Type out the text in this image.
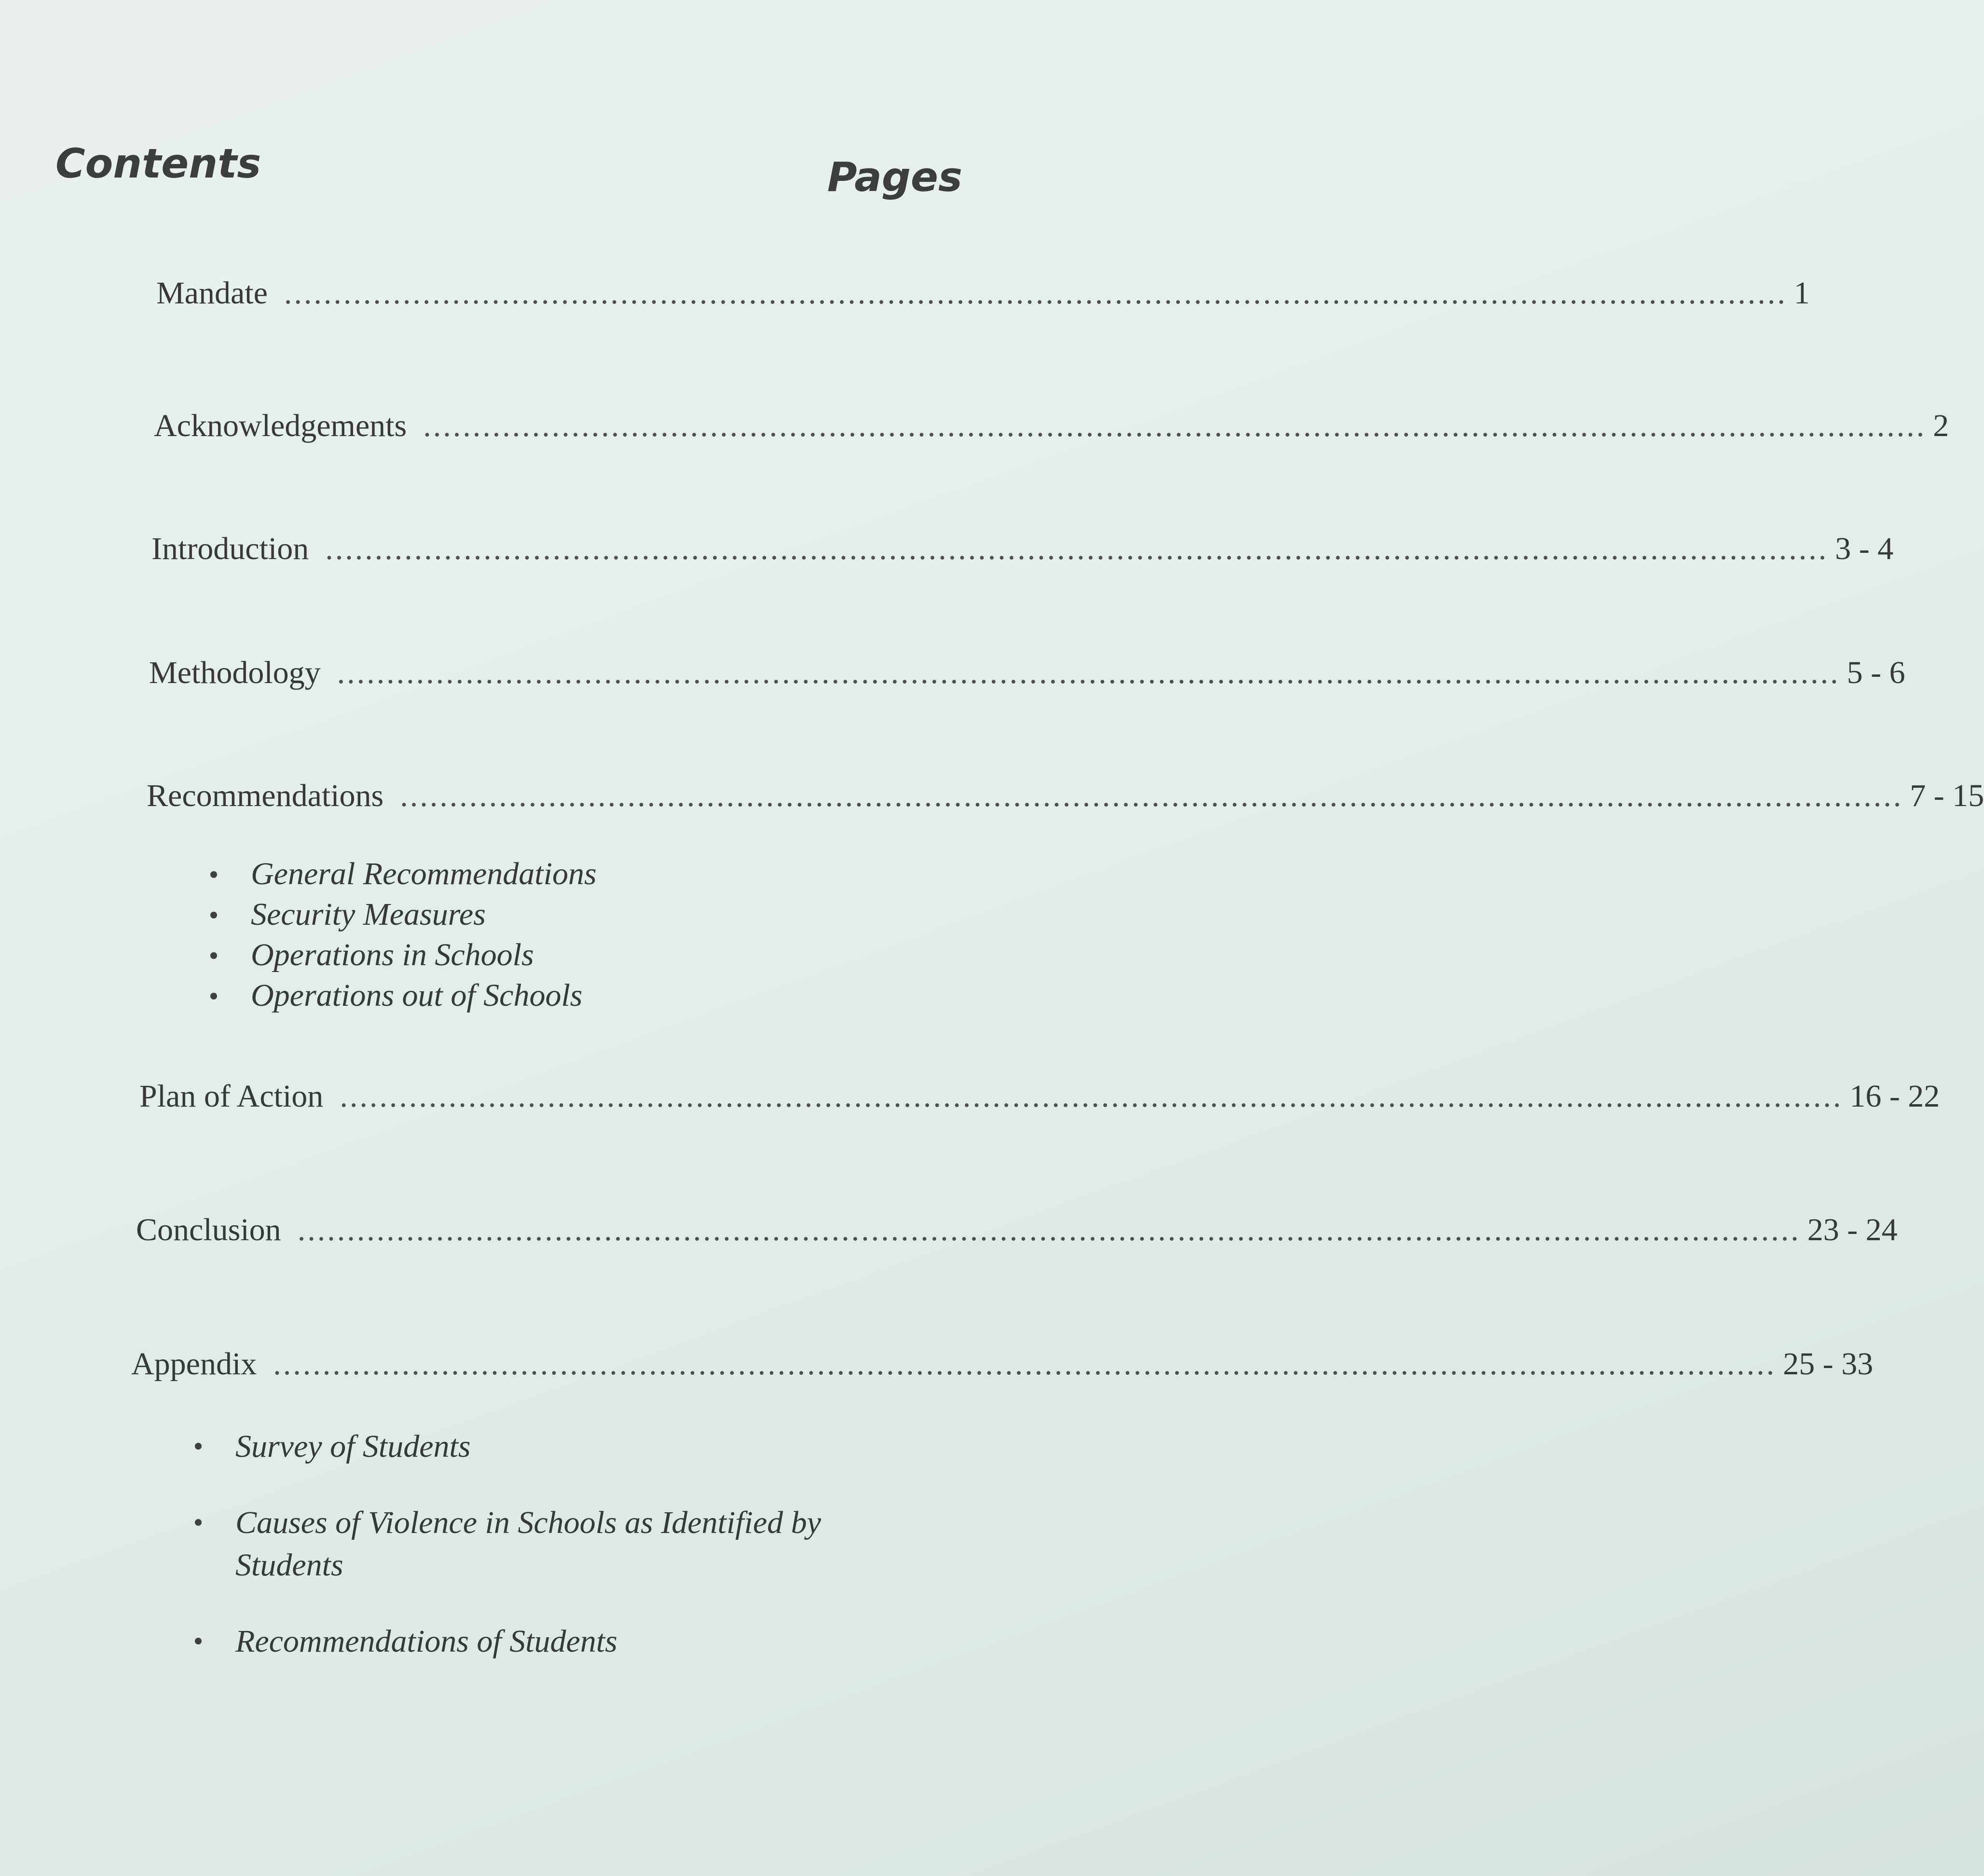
Contents	Pages
Mandate ........................................................................................................................................................ 1
Acknowledgements ........................................................................................................................................................ 2
Introduction ........................................................................................................................................................ 3 - 4
Methodology ........................................................................................................................................................ 5 - 6
Recommendations ........................................................................................................................................................ 7 - 15
General Recommendations
Security Measures
Operations in Schools
Operations out of Schools
Plan of Action ........................................................................................................................................................ 16 - 22
Conclusion ........................................................................................................................................................ 23 - 24
Appendix ........................................................................................................................................................ 25 - 33
Survey of Students
Causes of Violence in Schools as Identified by Students
Recommendations of Students
